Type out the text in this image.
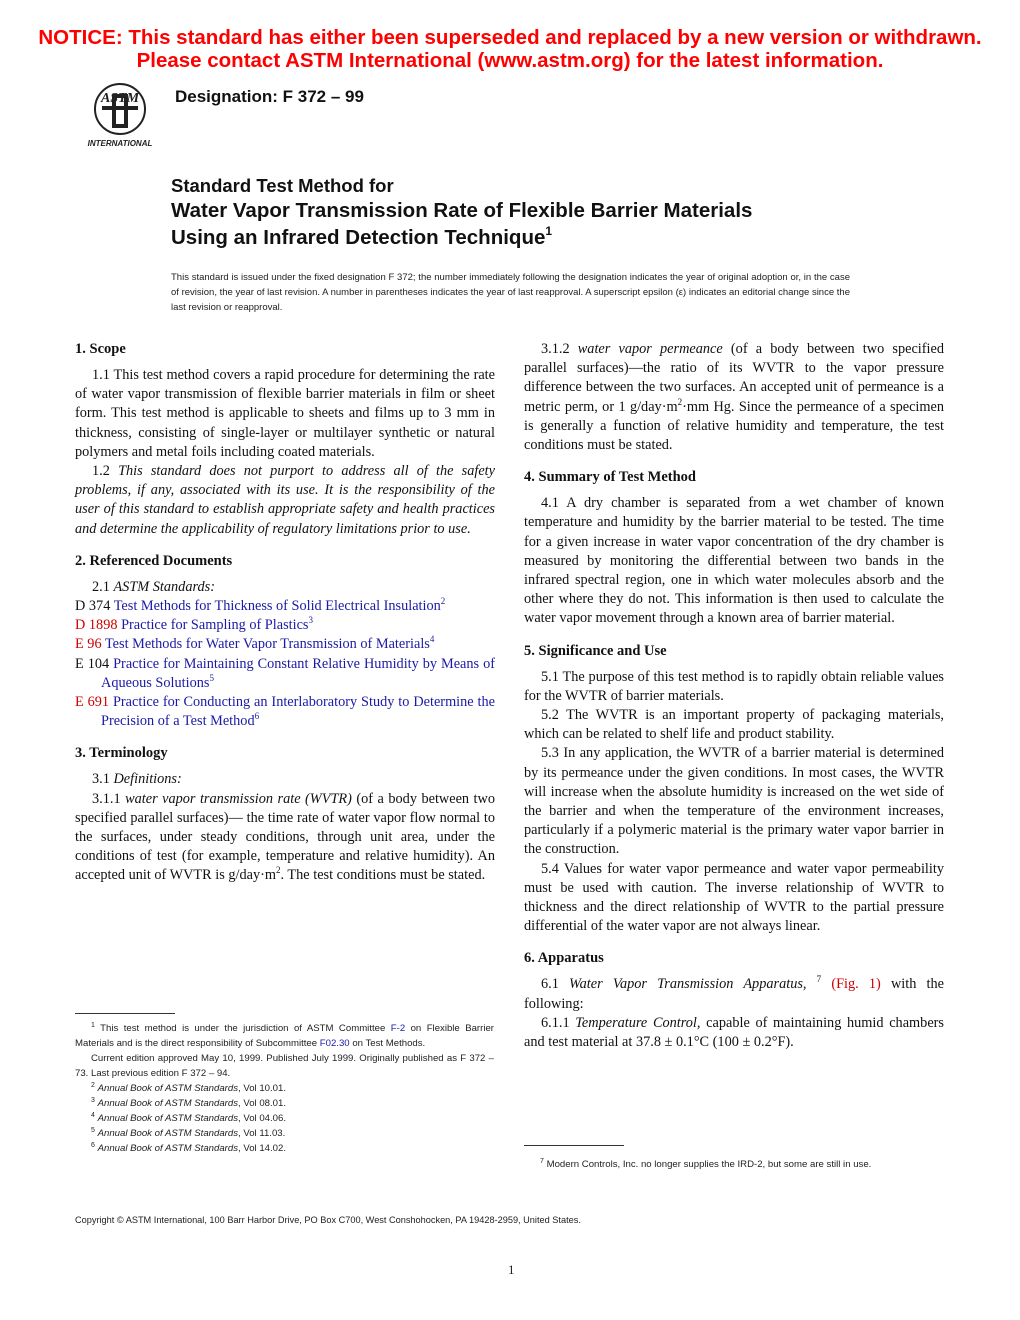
NOTICE: This standard has either been superseded and replaced by a new version or withdrawn.
Please contact ASTM International (www.astm.org) for the latest information.
ASTM
INTERNATIONAL
Designation: F 372 – 99
Standard Test Method for
Water Vapor Transmission Rate of Flexible Barrier Materials
Using an Infrared Detection Technique$^1$
This standard is issued under the fixed designation F 372; the number immediately following the designation indicates the year of original adoption or, in the case of revision, the year of last revision. A number in parentheses indicates the year of last reapproval. A superscript epsilon (ε) indicates an editorial change since the last revision or reapproval.
1. Scope

1.1 This test method covers a rapid procedure for determining the rate of water vapor transmission of flexible barrier materials in film or sheet form. This test method is applicable to sheets and films up to 3 mm in thickness, consisting of single-layer or multilayer synthetic or natural polymers and metal foils including coated materials.

1.2 This standard does not purport to address all of the safety problems, if any, associated with its use. It is the responsibility of the user of this standard to establish appropriate safety and health practices and determine the applicability of regulatory limitations prior to use.

2. Referenced Documents

2.1 ASTM Standards:

D 374 Test Methods for Thickness of Solid Electrical Insulation$^2$

D 1898 Practice for Sampling of Plastics$^3$

E 96 Test Methods for Water Vapor Transmission of Materials$^4$

E 104 Practice for Maintaining Constant Relative Humidity by Means of Aqueous Solutions$^5$

E 691 Practice for Conducting an Interlaboratory Study to Determine the Precision of a Test Method$^6$

3. Terminology

3.1 Definitions:

3.1.1 water vapor transmission rate (WVTR) (of a body between two specified parallel surfaces)— the time rate of water vapor flow normal to the surfaces, under steady conditions, through unit area, under the conditions of test (for example, temperature and relative humidity). An accepted unit of WVTR is $g/day\cdot m^2$. The test conditions must be stated.

3.1.2 water vapor permeance (of a body between two specified parallel surfaces)—the ratio of its WVTR to the vapor pressure difference between the two surfaces. An accepted unit of permeance is a metric perm, or 1 $g/day\cdot m^2\cdot mm$ Hg. Since the permeance of a specimen is generally a function of relative humidity and temperature, the test conditions must be stated.

4. Summary of Test Method

4.1 A dry chamber is separated from a wet chamber of known temperature and humidity by the barrier material to be tested. The time for a given increase in water vapor concentration of the dry chamber is measured by monitoring the differential between two bands in the infrared spectral region, one in which water molecules absorb and the other where they do not. This information is then used to calculate the water vapor movement through a known area of barrier material.

5. Significance and Use

5.1 The purpose of this test method is to rapidly obtain reliable values for the WVTR of barrier materials.

5.2 The WVTR is an important property of packaging materials, which can be related to shelf life and product stability.

5.3 In any application, the WVTR of a barrier material is determined by its permeance under the given conditions. In most cases, the WVTR will increase when the absolute humidity is increased on the wet side of the barrier and when the temperature of the environment increases, particularly if a polymeric material is the primary water vapor barrier in the construction.

5.4 Values for water vapor permeance and water vapor permeability must be used with caution. The inverse relationship of WVTR to thickness and the direct relationship of WVTR to the partial pressure differential of the water vapor are not always linear.

6. Apparatus

6.1 Water Vapor Transmission Apparatus, $^7$ (Fig. 1) with the following:

6.1.1 Temperature Control, capable of maintaining humid chambers and test material at 37.8 ± 0.1°C (100 ± 0.2°F).

$^1$ This test method is under the jurisdiction of ASTM Committee F-2 on Flexible Barrier Materials and is the direct responsibility of Subcommittee F02.30 on Test Methods.

Current edition approved May 10, 1999. Published July 1999. Originally published as F 372 – 73. Last previous edition F 372 – 94.

$^2$ Annual Book of ASTM Standards, Vol 10.01.

$^3$ Annual Book of ASTM Standards, Vol 08.01.

$^4$ Annual Book of ASTM Standards, Vol 04.06.

$^5$ Annual Book of ASTM Standards, Vol 11.03.

$^6$ Annual Book of ASTM Standards, Vol 14.02.

$^7$ Modern Controls, Inc. no longer supplies the IRD-2, but some are still in use.

Copyright © ASTM International, 100 Barr Harbor Drive, PO Box C700, West Conshohocken, PA 19428-2959, United States.
1
